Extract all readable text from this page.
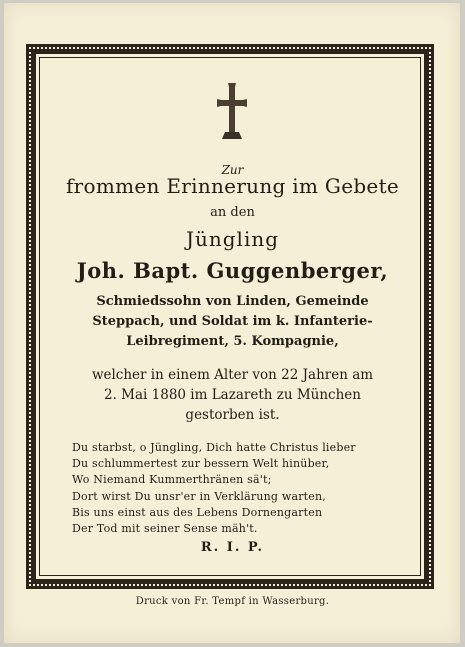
Zur
frommen Erinnerung im Gebete
an den
Jüngling
Joh. Bapt. Guggenberger,
Schmiedssohn von Linden, Gemeinde
Steppach, und Soldat im k. Infanterie-
Leibregiment, 5. Kompagnie,
welcher in einem Alter von 22 Jahren am
2. Mai 1880 im Lazareth zu München
gestorben ist.
Du starbst, o Jüngling, Dich hatte Christus lieber
Du schlummertest zur bessern Welt hinüber,
Wo Niemand Kummerthränen sä't;
Dort wirst Du unsr'er in Verklärung warten,
Bis uns einst aus des Lebens Dornengarten
Der Tod mit seiner Sense mäh't.
R. I. P.
Druck von Fr. Tempf in Wasserburg.
